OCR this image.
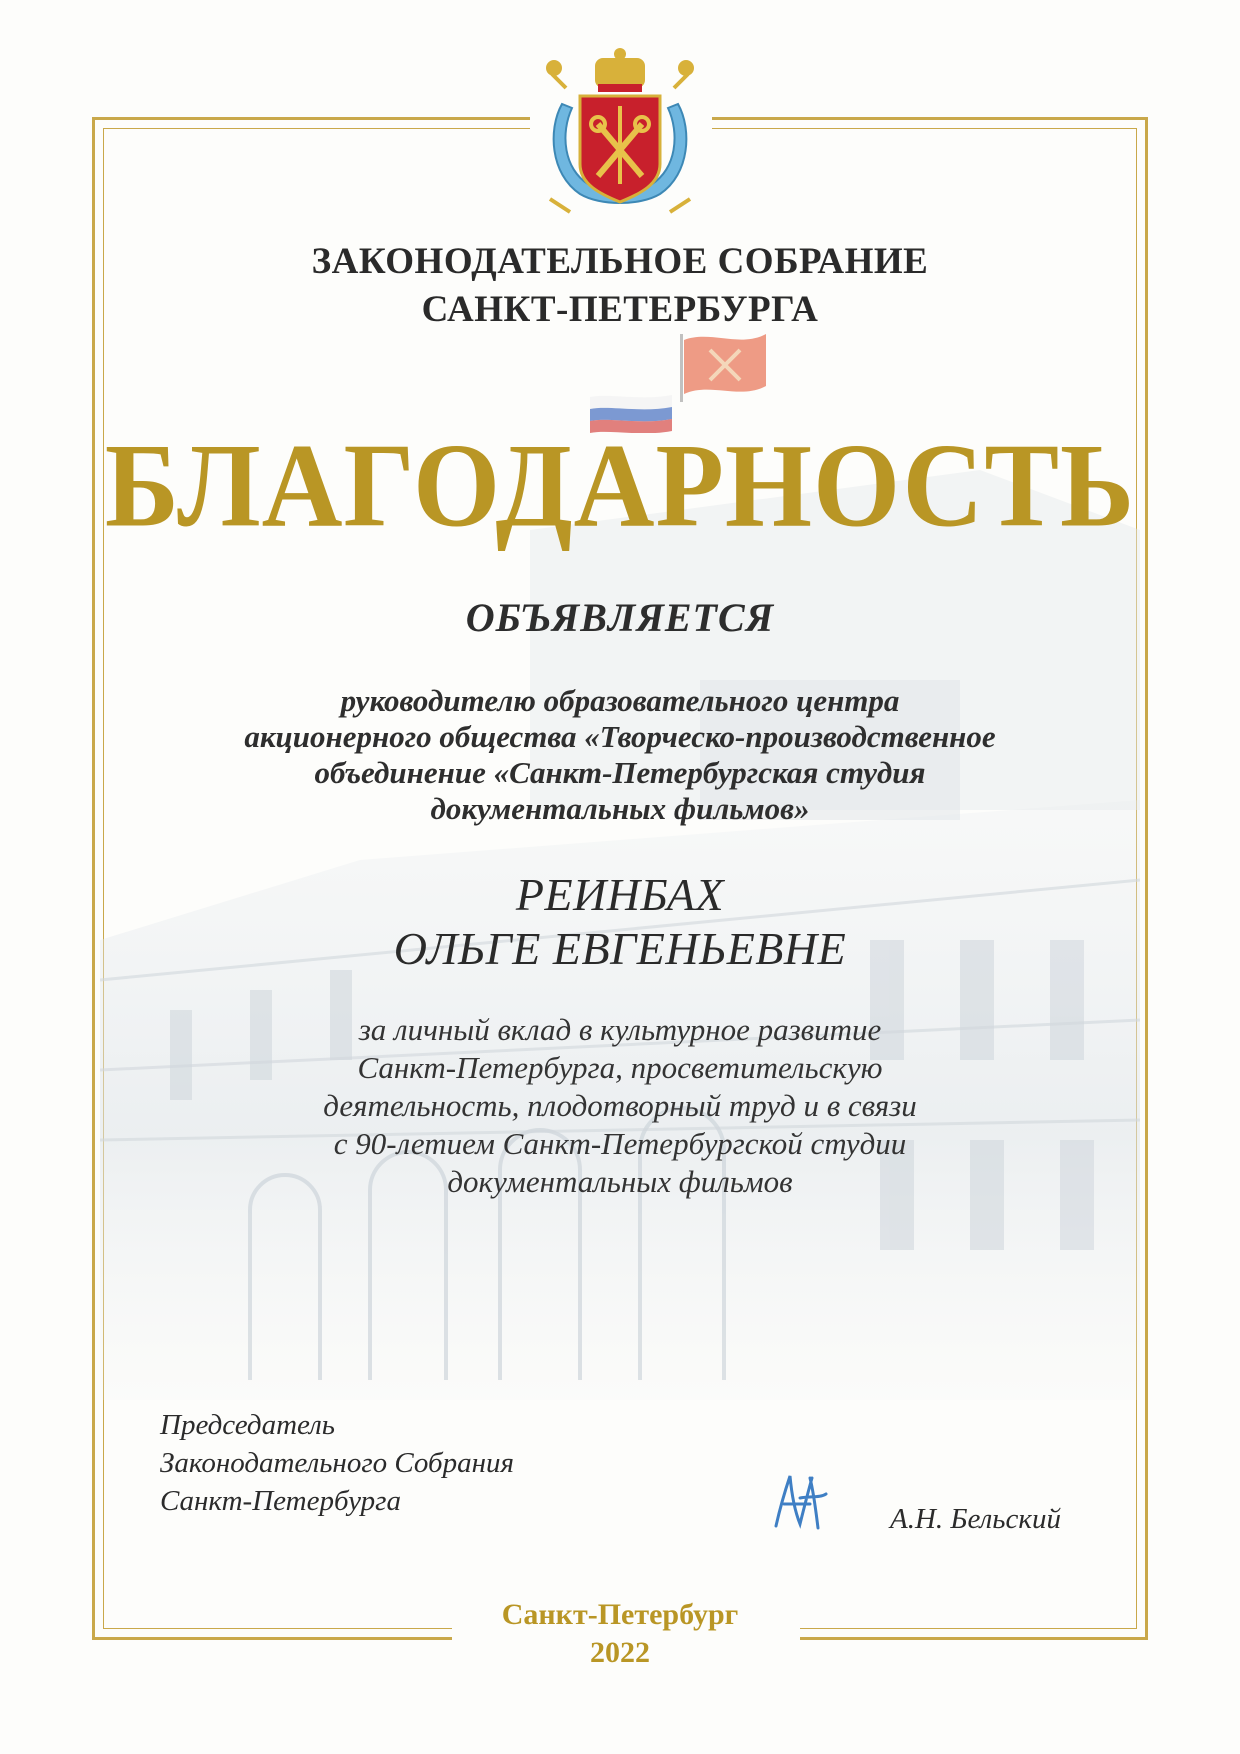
ЗАКОНОДАТЕЛЬНОЕ СОБРАНИЕ
САНКТ-ПЕТЕРБУРГА
БЛАГОДАРНОСТЬ
ОБЪЯВЛЯЕТСЯ
руководителю образовательного центра
акционерного общества «Творческо-производственное
объединение «Санкт-Петербургская студия
документальных фильмов»
РЕИНБАХ
ОЛЬГЕ ЕВГЕНЬЕВНЕ
за личный вклад в культурное развитие
Санкт-Петербурга, просветительскую
деятельность, плодотворный труд и в связи
с 90-летием Санкт-Петербургской студии
документальных фильмов
Председатель
Законодательного Собрания
Санкт-Петербурга
А.Н. Бельский
Санкт-Петербург
2022
